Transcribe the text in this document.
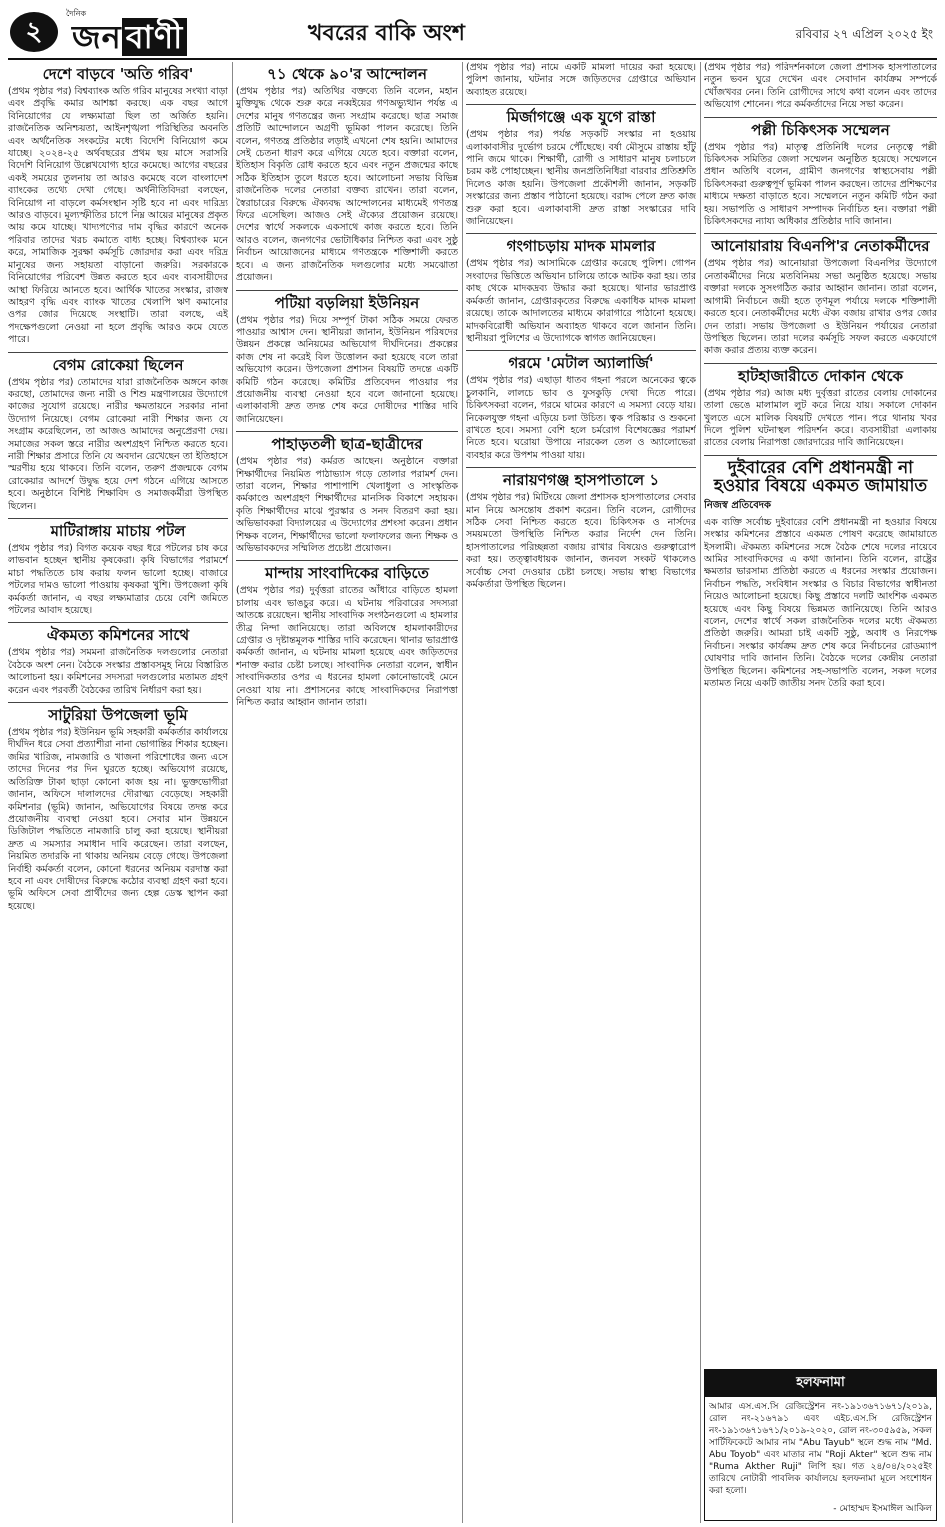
২
দৈনিক
জন বাণী	খবরের বাকি অংশ	রবিবার ২৭ এপ্রিল ২০২৫ ইং
দেশে বাড়বে 'অতি গরিব'
(প্রথম পৃষ্ঠার পর) বিশ্বব্যাংক অতি গরিব মানুষের সংখ্যা বাড়া এবং প্রবৃদ্ধি কমার আশঙ্কা করছে। এক বছর আগে বিনিয়োগের যে লক্ষ্যমাত্রা ছিল তা অর্জিত হয়নি। রাজনৈতিক অনিশ্চয়তা, আইনশৃঙ্খলা পরিস্থিতির অবনতি এবং অর্থনৈতিক সংকটের মধ্যে বিদেশি বিনিয়োগ কমে যাচ্ছে। ২০২৪-২৫ অর্থবছরের প্রথম ছয় মাসে সরাসরি বিদেশি বিনিয়োগ উল্লেখযোগ্য হারে কমেছে। আগের বছরের একই সময়ের তুলনায় তা আরও কমেছে বলে বাংলাদেশ ব্যাংকের তথ্যে দেখা গেছে। অর্থনীতিবিদরা বলছেন, বিনিয়োগ না বাড়লে কর্মসংস্থান সৃষ্টি হবে না এবং দারিদ্র্য আরও বাড়বে। মূল্যস্ফীতির চাপে নিম্ন আয়ের মানুষের প্রকৃত আয় কমে যাচ্ছে। খাদ্যপণ্যের দাম বৃদ্ধির কারণে অনেক পরিবার তাদের খরচ কমাতে বাধ্য হচ্ছে। বিশ্বব্যাংক মনে করে, সামাজিক সুরক্ষা কর্মসূচি জোরদার করা এবং দরিদ্র মানুষের জন্য সহায়তা বাড়ানো জরুরি। সরকারকে বিনিয়োগের পরিবেশ উন্নত করতে হবে এবং ব্যবসায়ীদের আস্থা ফিরিয়ে আনতে হবে। আর্থিক খাতের সংস্কার, রাজস্ব আহরণ বৃদ্ধি এবং ব্যাংক খাতের খেলাপি ঋণ কমানোর ওপর জোর দিয়েছে সংস্থাটি। তারা বলছে, এই পদক্ষেপগুলো নেওয়া না হলে প্রবৃদ্ধি আরও কমে যেতে পারে।
বেগম রোকেয়া ছিলেন
(প্রথম পৃষ্ঠার পর) তোমাদের যারা রাজনৈতিক অঙ্গনে কাজ করছো, তোমাদের জন্য নারী ও শিশু মন্ত্রণালয়ের উদ্যোগে কাজের সুযোগ রয়েছে। নারীর ক্ষমতায়নে সরকার নানা উদ্যোগ নিয়েছে। বেগম রোকেয়া নারী শিক্ষার জন্য যে সংগ্রাম করেছিলেন, তা আজও আমাদের অনুপ্রেরণা দেয়। সমাজের সকল স্তরে নারীর অংশগ্রহণ নিশ্চিত করতে হবে। নারী শিক্ষার প্রসারে তিনি যে অবদান রেখেছেন তা ইতিহাসে স্মরণীয় হয়ে থাকবে। তিনি বলেন, তরুণ প্রজন্মকে বেগম রোকেয়ার আদর্শে উদ্বুদ্ধ হয়ে দেশ গঠনে এগিয়ে আসতে হবে। অনুষ্ঠানে বিশিষ্ট শিক্ষাবিদ ও সমাজকর্মীরা উপস্থিত ছিলেন।
মাটিরাঙ্গায় মাচায় পটল
(প্রথম পৃষ্ঠার পর) বিগত কয়েক বছর ধরে পটলের চাষ করে লাভবান হচ্ছেন স্থানীয় কৃষকেরা। কৃষি বিভাগের পরামর্শে মাচা পদ্ধতিতে চাষ করায় ফলন ভালো হচ্ছে। বাজারে পটলের দামও ভালো পাওয়ায় কৃষকরা খুশি। উপজেলা কৃষি কর্মকর্তা জানান, এ বছর লক্ষ্যমাত্রার চেয়ে বেশি জমিতে পটলের আবাদ হয়েছে।
ঐকমত্য কমিশনের সাথে
(প্রথম পৃষ্ঠার পর) সমমনা রাজনৈতিক দলগুলোর নেতারা বৈঠকে অংশ নেন। বৈঠকে সংস্কার প্রস্তাবসমূহ নিয়ে বিস্তারিত আলোচনা হয়। কমিশনের সদস্যরা দলগুলোর মতামত গ্রহণ করেন এবং পরবর্তী বৈঠকের তারিখ নির্ধারণ করা হয়।
সাটুরিয়া উপজেলা ভূমি
(প্রথম পৃষ্ঠার পর) ইউনিয়ন ভূমি সহকারী কর্মকর্তার কার্যালয়ে দীর্ঘদিন ধরে সেবা প্রত্যাশীরা নানা ভোগান্তির শিকার হচ্ছেন। জমির খারিজ, নামজারি ও খাজনা পরিশোধের জন্য এসে তাদের দিনের পর দিন ঘুরতে হচ্ছে। অভিযোগ রয়েছে, অতিরিক্ত টাকা ছাড়া কোনো কাজ হয় না। ভুক্তভোগীরা জানান, অফিসে দালালদের দৌরাত্ম্য বেড়েছে। সহকারী কমিশনার (ভূমি) জানান, অভিযোগের বিষয়ে তদন্ত করে প্রয়োজনীয় ব্যবস্থা নেওয়া হবে। সেবার মান উন্নয়নে ডিজিটাল পদ্ধতিতে নামজারি চালু করা হয়েছে। স্থানীয়রা দ্রুত এ সমস্যার সমাধান দাবি করেছেন। তারা বলছেন, নিয়মিত তদারকি না থাকায় অনিয়ম বেড়ে গেছে। উপজেলা নির্বাহী কর্মকর্তা বলেন, কোনো ধরনের অনিয়ম বরদাস্ত করা হবে না এবং দোষীদের বিরুদ্ধে কঠোর ব্যবস্থা গ্রহণ করা হবে। ভূমি অফিসে সেবা প্রার্থীদের জন্য হেল্প ডেস্ক স্থাপন করা হয়েছে।
৭১ থেকে ৯০'র আন্দোলন
(প্রথম পৃষ্ঠার পর) অতিথির বক্তব্যে তিনি বলেন, মহান মুক্তিযুদ্ধ থেকে শুরু করে নব্বইয়ের গণঅভ্যুত্থান পর্যন্ত এ দেশের মানুষ গণতন্ত্রের জন্য সংগ্রাম করেছে। ছাত্র সমাজ প্রতিটি আন্দোলনে অগ্রণী ভূমিকা পালন করেছে। তিনি বলেন, গণতন্ত্র প্রতিষ্ঠার লড়াই এখনো শেষ হয়নি। আমাদের সেই চেতনা ধারণ করে এগিয়ে যেতে হবে। বক্তারা বলেন, ইতিহাস বিকৃতি রোধ করতে হবে এবং নতুন প্রজন্মের কাছে সঠিক ইতিহাস তুলে ধরতে হবে। আলোচনা সভায় বিভিন্ন রাজনৈতিক দলের নেতারা বক্তব্য রাখেন। তারা বলেন, স্বৈরাচারের বিরুদ্ধে ঐক্যবদ্ধ আন্দোলনের মাধ্যমেই গণতন্ত্র ফিরে এসেছিল। আজও সেই ঐক্যের প্রয়োজন রয়েছে। দেশের স্বার্থে সকলকে একসাথে কাজ করতে হবে। তিনি আরও বলেন, জনগণের ভোটাধিকার নিশ্চিত করা এবং সুষ্ঠু নির্বাচন আয়োজনের মাধ্যমে গণতন্ত্রকে শক্তিশালী করতে হবে। এ জন্য রাজনৈতিক দলগুলোর মধ্যে সমঝোতা প্রয়োজন।
পটিয়া বড়লিয়া ইউনিয়ন
(প্রথম পৃষ্ঠার পর) দিয়ে সম্পূর্ণ টাকা সঠিক সময়ে ফেরত পাওয়ার আশ্বাস দেন। স্থানীয়রা জানান, ইউনিয়ন পরিষদের উন্নয়ন প্রকল্পে অনিয়মের অভিযোগ দীর্ঘদিনের। প্রকল্পের কাজ শেষ না করেই বিল উত্তোলন করা হয়েছে বলে তারা অভিযোগ করেন। উপজেলা প্রশাসন বিষয়টি তদন্তে একটি কমিটি গঠন করেছে। কমিটির প্রতিবেদন পাওয়ার পর প্রয়োজনীয় ব্যবস্থা নেওয়া হবে বলে জানানো হয়েছে। এলাকাবাসী দ্রুত তদন্ত শেষ করে দোষীদের শাস্তির দাবি জানিয়েছেন।
পাহাড়তলী ছাত্র-ছাত্রীদের
(প্রথম পৃষ্ঠার পর) কর্মরত আছেন। অনুষ্ঠানে বক্তারা শিক্ষার্থীদের নিয়মিত পাঠাভ্যাস গড়ে তোলার পরামর্শ দেন। তারা বলেন, শিক্ষার পাশাপাশি খেলাধুলা ও সাংস্কৃতিক কর্মকাণ্ডে অংশগ্রহণ শিক্ষার্থীদের মানসিক বিকাশে সহায়ক। কৃতি শিক্ষার্থীদের মাঝে পুরস্কার ও সনদ বিতরণ করা হয়। অভিভাবকরা বিদ্যালয়ের এ উদ্যোগের প্রশংসা করেন। প্রধান শিক্ষক বলেন, শিক্ষার্থীদের ভালো ফলাফলের জন্য শিক্ষক ও অভিভাবকদের সম্মিলিত প্রচেষ্টা প্রয়োজন।
মান্দায় সাংবাদিকের বাড়িতে
(প্রথম পৃষ্ঠার পর) দুর্বৃত্তরা রাতের আঁধারে বাড়িতে হামলা চালায় এবং ভাঙচুর করে। এ ঘটনায় পরিবারের সদস্যরা আতঙ্কে রয়েছেন। স্থানীয় সাংবাদিক সংগঠনগুলো এ হামলার তীব্র নিন্দা জানিয়েছে। তারা অবিলম্বে হামলাকারীদের গ্রেপ্তার ও দৃষ্টান্তমূলক শাস্তির দাবি করেছেন। থানার ভারপ্রাপ্ত কর্মকর্তা জানান, এ ঘটনায় মামলা হয়েছে এবং জড়িতদের শনাক্ত করার চেষ্টা চলছে। সাংবাদিক নেতারা বলেন, স্বাধীন সাংবাদিকতার ওপর এ ধরনের হামলা কোনোভাবেই মেনে নেওয়া যায় না। প্রশাসনের কাছে সাংবাদিকদের নিরাপত্তা নিশ্চিত করার আহ্বান জানান তারা।
(প্রথম পৃষ্ঠার পর) নামে একটি মামলা দায়ের করা হয়েছে। পুলিশ জানায়, ঘটনার সঙ্গে জড়িতদের গ্রেপ্তারে অভিযান অব্যাহত রয়েছে।
মির্জাগঞ্জে এক যুগে রাস্তা
(প্রথম পৃষ্ঠার পর) পর্যন্ত সড়কটি সংস্কার না হওয়ায় এলাকাবাসীর দুর্ভোগ চরমে পৌঁছেছে। বর্ষা মৌসুমে রাস্তায় হাঁটু পানি জমে থাকে। শিক্ষার্থী, রোগী ও সাধারণ মানুষ চলাচলে চরম কষ্ট পোহাচ্ছেন। স্থানীয় জনপ্রতিনিধিরা বারবার প্রতিশ্রুতি দিলেও কাজ হয়নি। উপজেলা প্রকৌশলী জানান, সড়কটি সংস্কারের জন্য প্রস্তাব পাঠানো হয়েছে। বরাদ্দ পেলে দ্রুত কাজ শুরু করা হবে। এলাকাবাসী দ্রুত রাস্তা সংস্কারের দাবি জানিয়েছেন।
গংগাচড়ায় মাদক মামলার
(প্রথম পৃষ্ঠার পর) আসামিকে গ্রেপ্তার করেছে পুলিশ। গোপন সংবাদের ভিত্তিতে অভিযান চালিয়ে তাকে আটক করা হয়। তার কাছ থেকে মাদকদ্রব্য উদ্ধার করা হয়েছে। থানার ভারপ্রাপ্ত কর্মকর্তা জানান, গ্রেপ্তারকৃতের বিরুদ্ধে একাধিক মাদক মামলা রয়েছে। তাকে আদালতের মাধ্যমে কারাগারে পাঠানো হয়েছে। মাদকবিরোধী অভিযান অব্যাহত থাকবে বলে জানান তিনি। স্থানীয়রা পুলিশের এ উদ্যোগকে স্বাগত জানিয়েছেন।
গরমে 'মেটাল অ্যালার্জি'
(প্রথম পৃষ্ঠার পর) এছাড়া ধাতব গহনা পরলে অনেকের ত্বকে চুলকানি, লালচে ভাব ও ফুসকুড়ি দেখা দিতে পারে। চিকিৎসকরা বলেন, গরমে ঘামের কারণে এ সমস্যা বেড়ে যায়। নিকেলযুক্ত গহনা এড়িয়ে চলা উচিত। ত্বক পরিষ্কার ও শুকনো রাখতে হবে। সমস্যা বেশি হলে চর্মরোগ বিশেষজ্ঞের পরামর্শ নিতে হবে। ঘরোয়া উপায়ে নারকেল তেল ও অ্যালোভেরা ব্যবহার করে উপশম পাওয়া যায়।
নারায়ণগঞ্জ হাসপাতালে ১
(প্রথম পৃষ্ঠার পর) মিটিংয়ে জেলা প্রশাসক হাসপাতালের সেবার মান নিয়ে অসন্তোষ প্রকাশ করেন। তিনি বলেন, রোগীদের সঠিক সেবা নিশ্চিত করতে হবে। চিকিৎসক ও নার্সদের সময়মতো উপস্থিতি নিশ্চিত করার নির্দেশ দেন তিনি। হাসপাতালের পরিচ্ছন্নতা বজায় রাখার বিষয়েও গুরুত্বারোপ করা হয়। তত্ত্বাবধায়ক জানান, জনবল সংকট থাকলেও সর্বোচ্চ সেবা দেওয়ার চেষ্টা চলছে। সভায় স্বাস্থ্য বিভাগের কর্মকর্তারা উপস্থিত ছিলেন।
(প্রথম পৃষ্ঠার পর) পরিদর্শনকালে জেলা প্রশাসক হাসপাতালের নতুন ভবন ঘুরে দেখেন এবং সেবাদান কার্যক্রম সম্পর্কে খোঁজখবর নেন। তিনি রোগীদের সাথে কথা বলেন এবং তাদের অভিযোগ শোনেন। পরে কর্মকর্তাদের নিয়ে সভা করেন।
পল্লী চিকিৎসক সম্মেলন
(প্রথম পৃষ্ঠার পর) মাতৃত্ব প্রতিনিধি দলের নেতৃত্বে পল্লী চিকিৎসক সমিতির জেলা সম্মেলন অনুষ্ঠিত হয়েছে। সম্মেলনে প্রধান অতিথি বলেন, গ্রামীণ জনগণের স্বাস্থ্যসেবায় পল্লী চিকিৎসকরা গুরুত্বপূর্ণ ভূমিকা পালন করছেন। তাদের প্রশিক্ষণের মাধ্যমে দক্ষতা বাড়াতে হবে। সম্মেলনে নতুন কমিটি গঠন করা হয়। সভাপতি ও সাধারণ সম্পাদক নির্বাচিত হন। বক্তারা পল্লী চিকিৎসকদের ন্যায্য অধিকার প্রতিষ্ঠার দাবি জানান।
আনোয়ারায় বিএনপি'র নেতাকর্মীদের
(প্রথম পৃষ্ঠার পর) আনোয়ারা উপজেলা বিএনপির উদ্যোগে নেতাকর্মীদের নিয়ে মতবিনিময় সভা অনুষ্ঠিত হয়েছে। সভায় বক্তারা দলকে সুসংগঠিত করার আহ্বান জানান। তারা বলেন, আগামী নির্বাচনে জয়ী হতে তৃণমূল পর্যায়ে দলকে শক্তিশালী করতে হবে। নেতাকর্মীদের মধ্যে ঐক্য বজায় রাখার ওপর জোর দেন তারা। সভায় উপজেলা ও ইউনিয়ন পর্যায়ের নেতারা উপস্থিত ছিলেন। তারা দলের কর্মসূচি সফল করতে একযোগে কাজ করার প্রত্যয় ব্যক্ত করেন।
হাটহাজারীতে দোকান থেকে
(প্রথম পৃষ্ঠার পর) আজ মধ্য দুর্বৃত্তরা রাতের বেলায় দোকানের তালা ভেঙে মালামাল লুট করে নিয়ে যায়। সকালে দোকান খুলতে এসে মালিক বিষয়টি দেখতে পান। পরে থানায় খবর দিলে পুলিশ ঘটনাস্থল পরিদর্শন করে। ব্যবসায়ীরা এলাকায় রাতের বেলায় নিরাপত্তা জোরদারের দাবি জানিয়েছেন।
দুইবারের বেশি প্রধানমন্ত্রী না হওয়ার বিষয়ে একমত জামায়াত
নিজস্ব প্রতিবেদক
এক ব্যক্তি সর্বোচ্চ দুইবারের বেশি প্রধানমন্ত্রী না হওয়ার বিষয়ে সংস্কার কমিশনের প্রস্তাবে একমত পোষণ করেছে জামায়াতে ইসলামী। ঐকমত্য কমিশনের সঙ্গে বৈঠক শেষে দলের নায়েবে আমির সাংবাদিকদের এ কথা জানান। তিনি বলেন, রাষ্ট্রের ক্ষমতার ভারসাম্য প্রতিষ্ঠা করতে এ ধরনের সংস্কার প্রয়োজন। নির্বাচন পদ্ধতি, সংবিধান সংস্কার ও বিচার বিভাগের স্বাধীনতা নিয়েও আলোচনা হয়েছে। কিছু প্রস্তাবে দলটি আংশিক একমত হয়েছে এবং কিছু বিষয়ে ভিন্নমত জানিয়েছে। তিনি আরও বলেন, দেশের স্বার্থে সকল রাজনৈতিক দলের মধ্যে ঐকমত্য প্রতিষ্ঠা জরুরি। আমরা চাই একটি সুষ্ঠু, অবাধ ও নিরপেক্ষ নির্বাচন। সংস্কার কার্যক্রম দ্রুত শেষ করে নির্বাচনের রোডম্যাপ ঘোষণার দাবি জানান তিনি। বৈঠকে দলের কেন্দ্রীয় নেতারা উপস্থিত ছিলেন। কমিশনের সহ-সভাপতি বলেন, সকল দলের মতামত নিয়ে একটি জাতীয় সনদ তৈরি করা হবে।
হলফনামা
আমার এস.এস.সি রেজিস্ট্রেশন নং-১৯১৩৬৭১৬৭১/২০১৯, রোল নং-২১৬৭৯১ এবং এইচ.এস.সি রেজিস্ট্রেশন নং-১৯১৩৬৭১৬৭১/২০১৯-২০২০, রোল নং-৩০৫৯৫৯, সকল সার্টিফিকেটে আমার নাম "Abu Tayub" স্থলে শুদ্ধ নাম "Md. Abu Toyob" এবং মাতার নাম "Roji Akter" স্থলে শুদ্ধ নাম "Ruma Akther Ruji" লিপি হয়। গত ২৪/০৪/২০২৫ইং তারিখে নোটারী পাবলিক কার্যালয়ে হলফনামা মূলে সংশোধন করা হলো।
- মোহাম্মদ ইসমাঈল আকিল
